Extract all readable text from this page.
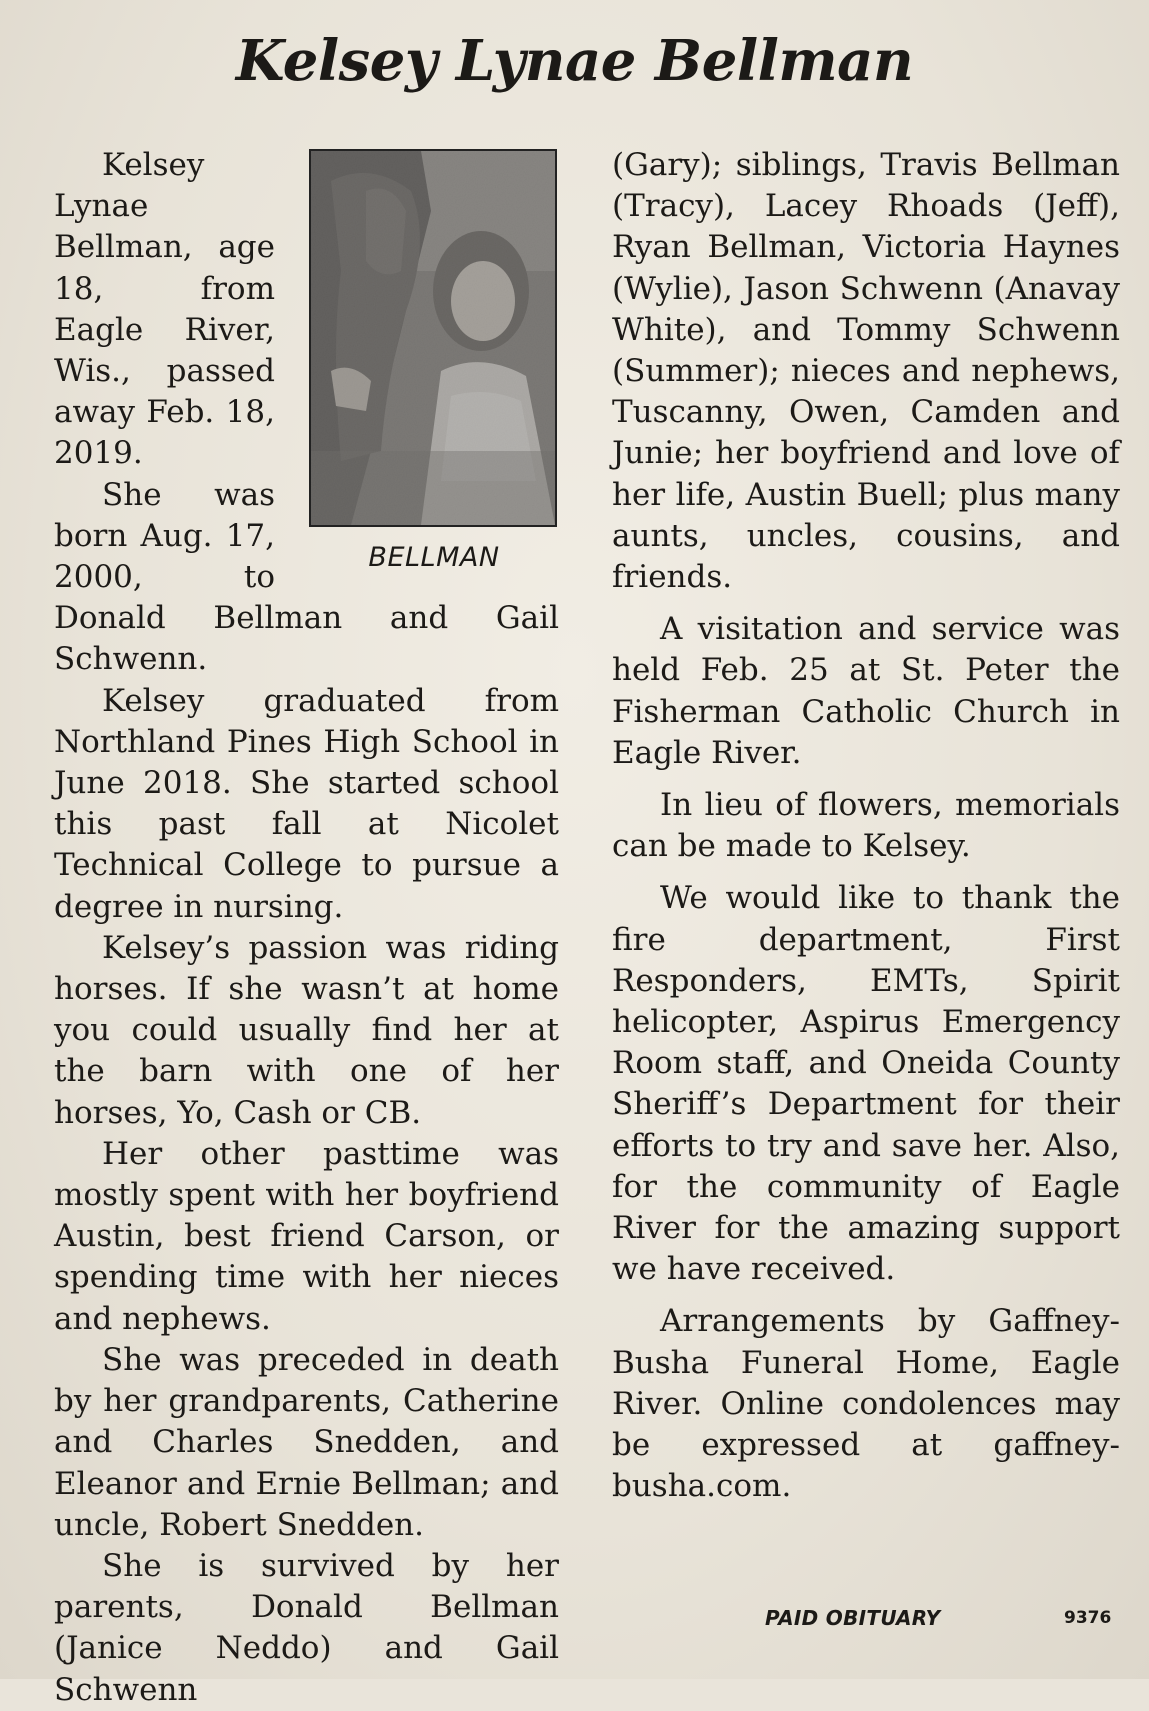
Kelsey Lynae Bellman
BELLMAN

Kelsey Lynae Bellman, age 18, from Eagle River, Wis., passed away Feb. 18, 2019.

She was born Aug. 17, 2000, to Donald Bellman and Gail Schwenn.

Kelsey graduated from Northland Pines High School in June 2018. She started school this past fall at Nicolet Technical College to pursue a degree in nursing.

Kelsey’s passion was riding horses. If she wasn’t at home you could usually find her at the barn with one of her horses, Yo, Cash or CB.

Her other pasttime was mostly spent with her boyfriend Austin, best friend Carson, or spending time with her nieces and nephews.

She was preceded in death by her grandparents, Catherine and Charles Snedden, and Eleanor and Ernie Bellman; and uncle, Robert Snedden.

She is survived by her parents, Donald Bellman (Janice Neddo) and Gail Schwenn

(Gary); siblings, Travis Bellman (Tracy), Lacey Rhoads (Jeff), Ryan Bellman, Victoria Haynes (Wylie), Jason Schwenn (Anavay White), and Tommy Schwenn (Summer); nieces and nephews, Tuscanny, Owen, Camden and Junie; her boyfriend and love of her life, Austin Buell; plus many aunts, uncles, cousins, and friends.

A visitation and service was held Feb. 25 at St. Peter the Fisherman Catholic Church in Eagle River.

In lieu of flowers, memorials can be made to Kelsey.

We would like to thank the fire department, First Responders, EMTs, Spirit helicopter, Aspirus Emergency Room staff, and Oneida County Sheriff’s Department for their efforts to try and save her. Also, for the community of Eagle River for the amazing support we have received.

Arrangements by Gaffney-Busha Funeral Home, Eagle River. Online condolences may be expressed at gaffney-busha.com.

PAID OBITUARY	9376
